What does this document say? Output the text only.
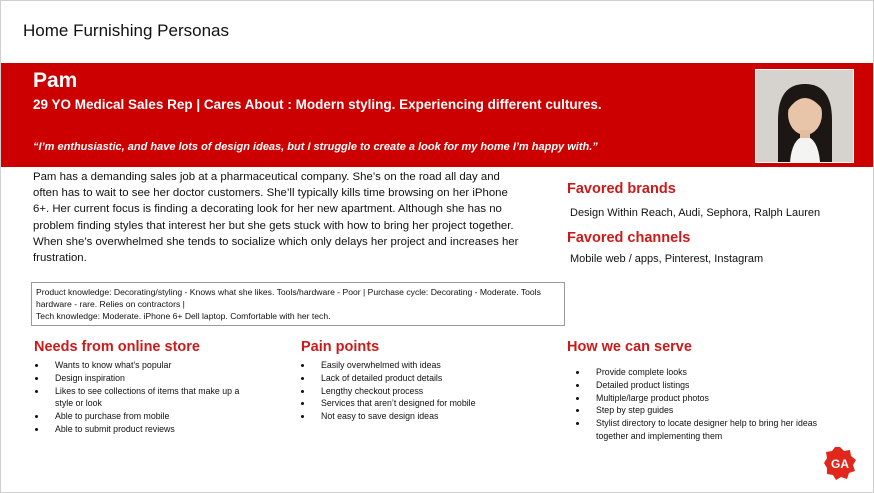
Home Furnishing Personas
Pam
29 YO Medical Sales Rep | Cares About : Modern styling. Experiencing different cultures.
“I’m enthusiastic, and have lots of design ideas, but I struggle to create a look for my home I’m happy with.”
Pam has a demanding sales job at a pharmaceutical company. She’s on the road all day and often has to wait to see her doctor customers. She’ll typically kills time browsing on her iPhone 6+. Her current focus is finding a decorating look for her new apartment. Although she has no problem finding styles that interest her but she gets stuck with how to bring her project together. When she’s overwhelmed she tends to socialize which only delays her project and increases her frustration.
Product knowledge: Decorating/styling - Knows what she likes. Tools/hardware - Poor | Purchase cycle: Decorating - Moderate. Tools hardware - rare. Relies on contractors |
Tech knowledge: Moderate. iPhone 6+ Dell laptop. Comfortable with her tech.
Favored brands
Design Within Reach, Audi, Sephora, Ralph Lauren
Favored channels
Mobile web / apps, Pinterest, Instagram
Needs from online store
• Wants to know what’s popular
• Design inspiration
• Likes to see collections of items that make up a style or look
• Able to purchase from mobile
• Able to submit product reviews
Pain points
• Easily overwhelmed with ideas
• Lack of detailed product details
• Lengthy checkout process
• Services that aren’t designed for mobile
• Not easy to save design ideas
How we can serve
• Provide complete looks
• Detailed product listings
• Multiple/large product photos
• Step by step guides
• Stylist directory to locate designer help to bring her ideas together and implementing them
GA
